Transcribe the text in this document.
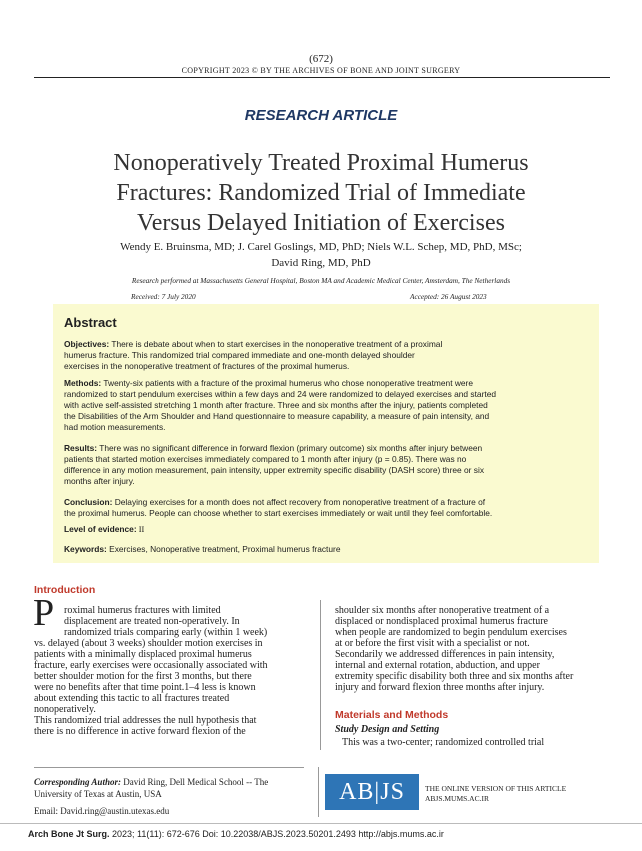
(672)
COPYRIGHT 2023 © BY THE ARCHIVES OF BONE AND JOINT SURGERY
RESEARCH ARTICLE
Nonoperatively Treated Proximal Humerus
Fractures: Randomized Trial of Immediate
Versus Delayed Initiation of Exercises
Wendy E. Bruinsma, MD; J. Carel Goslings, MD, PhD; Niels W.L. Schep, MD, PhD, MSc;
David Ring, MD, PhD
Research performed at Massachusetts General Hospital, Boston MA and Academic Medical Center, Amsterdam, The Netherlands
Received: 7 July 2020	Accepted: 26 August 2023
Abstract
Objectives: There is debate about when to start exercises in the nonoperative treatment of a proximal
humerus fracture. This randomized trial compared immediate and one-month delayed shoulder
exercises in the nonoperative treatment of fractures of the proximal humerus.
Methods: Twenty-six patients with a fracture of the proximal humerus who chose nonoperative treatment were
randomized to start pendulum exercises within a few days and 24 were randomized to delayed exercises and started
with active self-assisted stretching 1 month after fracture. Three and six months after the injury, patients completed
the Disabilities of the Arm Shoulder and Hand questionnaire to measure capability, a measure of pain intensity, and
had motion measurements.
Results: There was no significant difference in forward flexion (primary outcome) six months after injury between
patients that started motion exercises immediately compared to 1 month after injury (p = 0.85). There was no
difference in any motion measurement, pain intensity, upper extremity specific disability (DASH score) three or six
months after injury.
Conclusion: Delaying exercises for a month does not affect recovery from nonoperative treatment of a fracture of
the proximal humerus. People can choose whether to start exercises immediately or wait until they feel comfortable.
Level of evidence: II
Keywords: Exercises, Nonoperative treatment, Proximal humerus fracture
Introduction
P roximal humerus fractures with limited
displacement are treated non-operatively. In
randomized trials comparing early (within 1 week)
vs. delayed (about 3 weeks) shoulder motion exercises in
patients with a minimally displaced proximal humerus
fracture, early exercises were occasionally associated with
better shoulder motion for the first 3 months, but there
were no benefits after that time point.1–4 less is known
about extending this tactic to all fractures treated
nonoperatively.
This randomized trial addresses the null hypothesis that
there is no difference in active forward flexion of the
shoulder six months after nonoperative treatment of a
displaced or nondisplaced proximal humerus fracture
when people are randomized to begin pendulum exercises
at or before the first visit with a specialist or not.
Secondarily we addressed differences in pain intensity,
internal and external rotation, abduction, and upper
extremity specific disability both three and six months after
injury and forward flexion three months after injury.
Materials and Methods
Study Design and Setting
This was a two-center; randomized controlled trial
Corresponding Author: David Ring, Dell Medical School -- The
University of Texas at Austin, USA
Email: David.ring@austin.utexas.edu
AB|JS	THE ONLINE VERSION OF THIS ARTICLE
ABJS.MUMS.AC.IR
Arch Bone Jt Surg. 2023; 11(11): 672-676 Doi: 10.22038/ABJS.2023.50201.2493 http://abjs.mums.ac.ir
